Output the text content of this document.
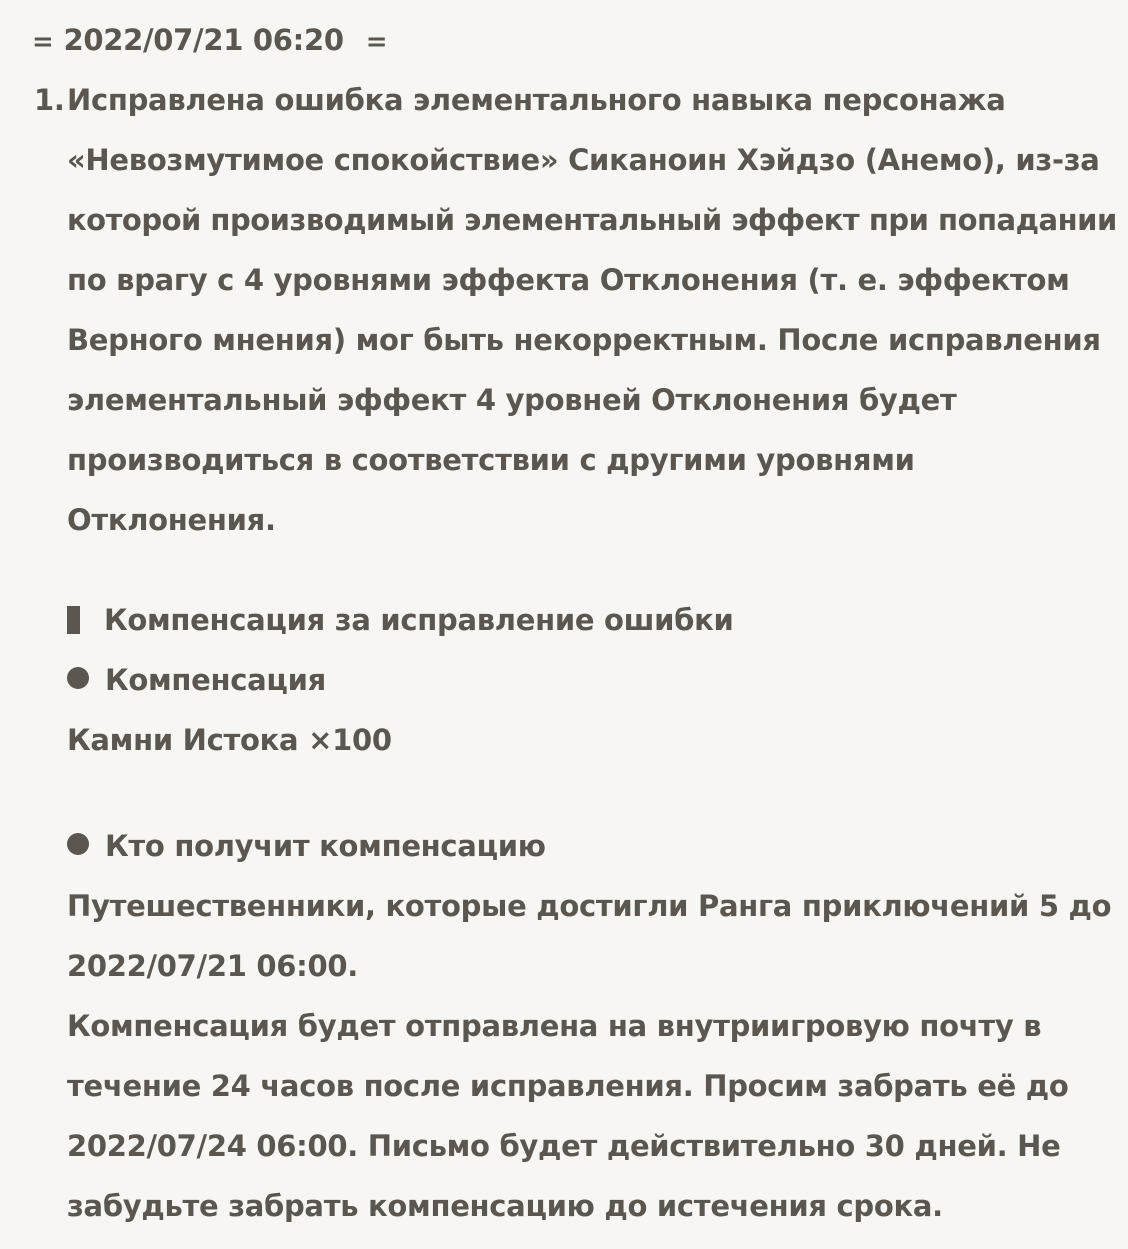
= 2022/07/21 06:20 =
1. Исправлена ошибка элементального навыка персонажа
«Невозмутимое спокойствие» Сиканоин Хэйдзо (Анемо), из-за
которой производимый элементальный эффект при попадании
по врагу с 4 уровнями эффекта Отклонения (т. е. эффектом
Верного мнения) мог быть некорректным. После исправления
элементальный эффект 4 уровней Отклонения будет
производиться в соответствии с другими уровнями
Отклонения.
Компенсация за исправление ошибки
Компенсация
Камни Истока ×100
Кто получит компенсацию
Путешественники, которые достигли Ранга приключений 5 до
2022/07/21 06:00.
Компенсация будет отправлена на внутриигровую почту в
течение 24 часов после исправления. Просим забрать её до
2022/07/24 06:00. Письмо будет действительно 30 дней. Не
забудьте забрать компенсацию до истечения срока.
